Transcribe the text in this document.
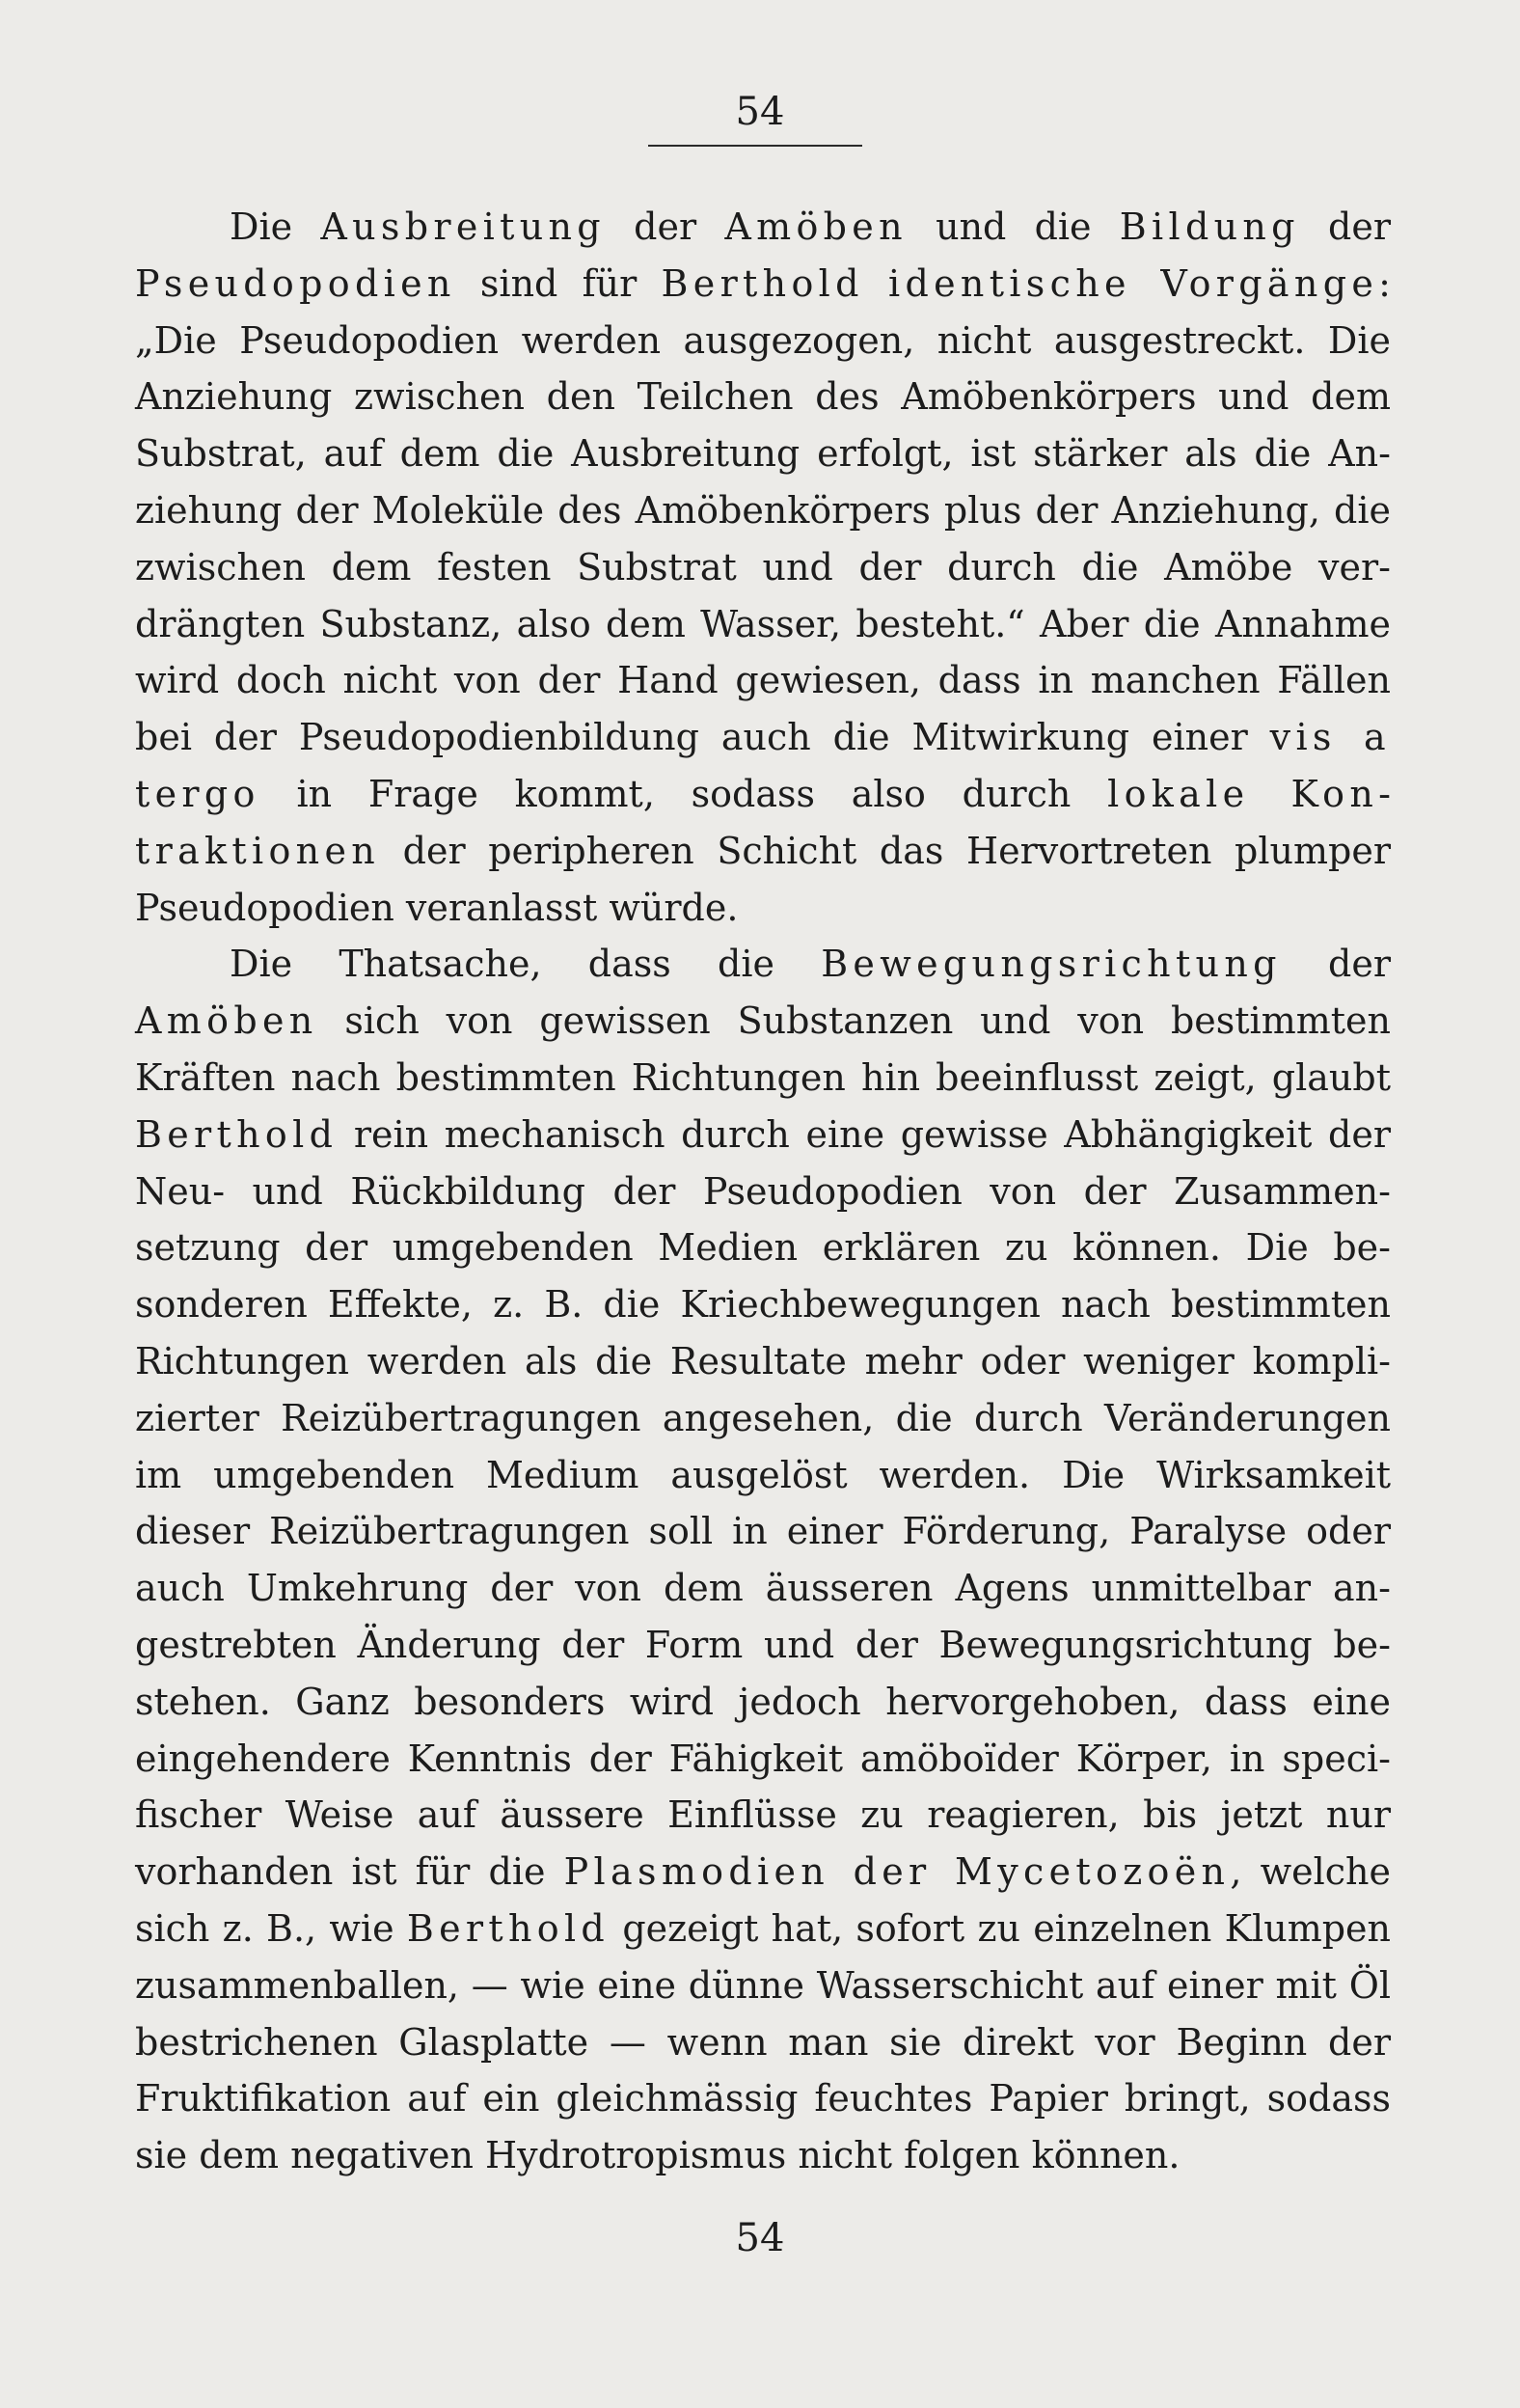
54

Die Ausbreitung der Amöben und die Bildung der Pseudopodien sind für Berthold identische Vorgänge: „Die Pseudopodien werden ausgezogen, nicht ausgestreckt. Die Anziehung zwischen den Teilchen des Amöbenkörpers und dem Substrat, auf dem die Ausbreitung erfolgt, ist stärker als die Anziehung der Moleküle des Amöbenkörpers plus der Anziehung, die zwischen dem festen Substrat und der durch die Amöbe verdrängten Substanz, also dem Wasser, besteht.“ Aber die Annahme wird doch nicht von der Hand gewiesen, dass in manchen Fällen bei der Pseudopodienbildung auch die Mitwirkung einer vis a tergo in Frage kommt, sodass also durch lokale Kontraktionen der peripheren Schicht das Hervortreten plumper Pseudopodien veranlasst würde.

Die Thatsache, dass die Bewegungsrichtung der Amöben sich von gewissen Substanzen und von bestimmten Kräften nach bestimmten Richtungen hin beeinflusst zeigt, glaubt Berthold rein mechanisch durch eine gewisse Abhängigkeit der Neu- und Rückbildung der Pseudopodien von der Zusammensetzung der umgebenden Medien erklären zu können. Die besonderen Effekte, z. B. die Kriechbewegungen nach bestimmten Richtungen werden als die Resultate mehr oder weniger komplizierter Reizübertragungen angesehen, die durch Veränderungen im umgebenden Medium ausgelöst werden. Die Wirksamkeit dieser Reizübertragungen soll in einer Förderung, Paralyse oder auch Umkehrung der von dem äusseren Agens unmittelbar angestrebten Änderung der Form und der Bewegungsrichtung bestehen. Ganz besonders wird jedoch hervorgehoben, dass eine eingehendere Kenntnis der Fähigkeit amöboïder Körper, in specifischer Weise auf äussere Einflüsse zu reagieren, bis jetzt nur vorhanden ist für die Plasmodien der Mycetozoën, welche sich z. B., wie Berthold gezeigt hat, sofort zu einzelnen Klumpen zusammenballen, — wie eine dünne Wasserschicht auf einer mit Öl bestrichenen Glasplatte — wenn man sie direkt vor Beginn der Fruktifikation auf ein gleichmässig feuchtes Papier bringt, sodass sie dem negativen Hydrotropismus nicht folgen können.

54
